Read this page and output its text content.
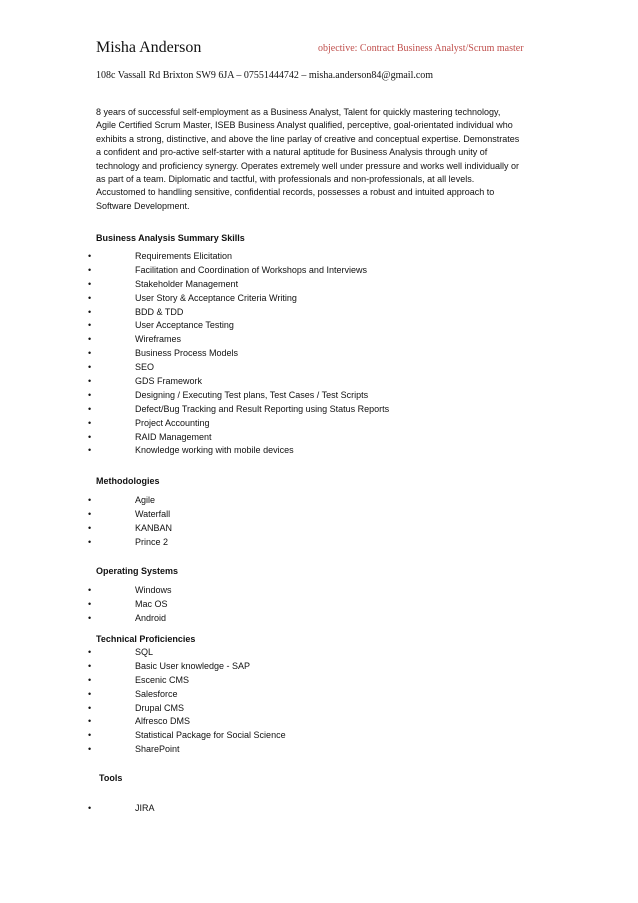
Misha Anderson	objective: Contract Business Analyst/Scrum master
108c Vassall Rd Brixton SW9 6JA – 07551444742 – misha.anderson84@gmail.com

8 years of successful self-employment as a Business Analyst, Talent for quickly mastering technology,
Agile Certified Scrum Master, ISEB Business Analyst qualified, perceptive, goal-orientated individual who
exhibits a strong, distinctive, and above the line parlay of creative and conceptual expertise. Demonstrates
a confident and pro-active self-starter with a natural aptitude for Business Analysis through unity of
technology and proficiency synergy. Operates extremely well under pressure and works well individually or
as part of a team. Diplomatic and tactful, with professionals and non-professionals, at all levels.
Accustomed to handling sensitive, confidential records, possesses a robust and intuited approach to
Software Development.

Business Analysis Summary Skills
•	Requirements Elicitation
•	Facilitation and Coordination of Workshops and Interviews
•	Stakeholder Management
•	User Story & Acceptance Criteria Writing
•	BDD & TDD
•	User Acceptance Testing
•	Wireframes
•	Business Process Models
•	SEO
•	GDS Framework
•	Designing / Executing Test plans, Test Cases / Test Scripts
•	Defect/Bug Tracking and Result Reporting using Status Reports
•	Project Accounting
•	RAID Management
•	Knowledge working with mobile devices
Methodologies
•	Agile
•	Waterfall
•	KANBAN
•	Prince 2
Operating Systems
•	Windows
•	Mac OS
•	Android
Technical Proficiencies
•	SQL
•	Basic User knowledge - SAP
•	Escenic CMS
•	Salesforce
•	Drupal CMS
•	Alfresco DMS
•	Statistical Package for Social Science
•	SharePoint
Tools
•	JIRA
